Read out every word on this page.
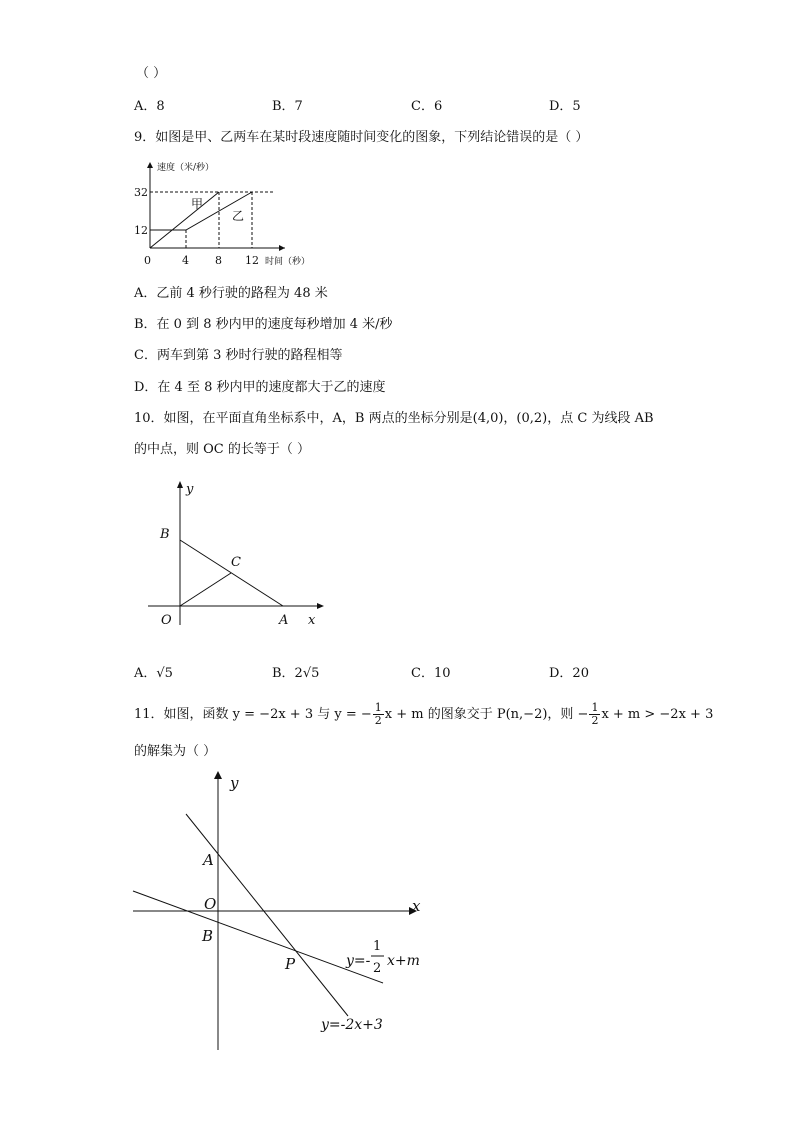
（ ）
A．8	B．7	C．6	D．5
9．如图是甲、乙两车在某时段速度随时间变化的图象，下列结论错误的是（ ）
速度（米/秒）
时间（秒）
32
12
0	4 8 12
甲
乙
A．乙前 4 秒行驶的路程为 48 米
B．在 0 到 8 秒内甲的速度每秒增加 4 米/秒
C．两车到第 3 秒时行驶的路程相等
D．在 4 至 8 秒内甲的速度都大于乙的速度
10．如图，在平面直角坐标系中，A，B 两点的坐标分别是(4,0)，(0,2)，点 C 为线段 AB
的中点，则 OC 的长等于（ ）
y
x
B
C
O	A
A．√5	B．2√5	C．10	D．20
11．如图，函数 y = −2x + 3 与 y = − $\frac{1}{2}$ x + m 的图象交于 P(n,−2)，则 − $\frac{1}{2}$ x + m > −2x + 3
的解集为（ ）
y
x
A
O
B
P	y=-
1
2 x+m
y=-2x+3
